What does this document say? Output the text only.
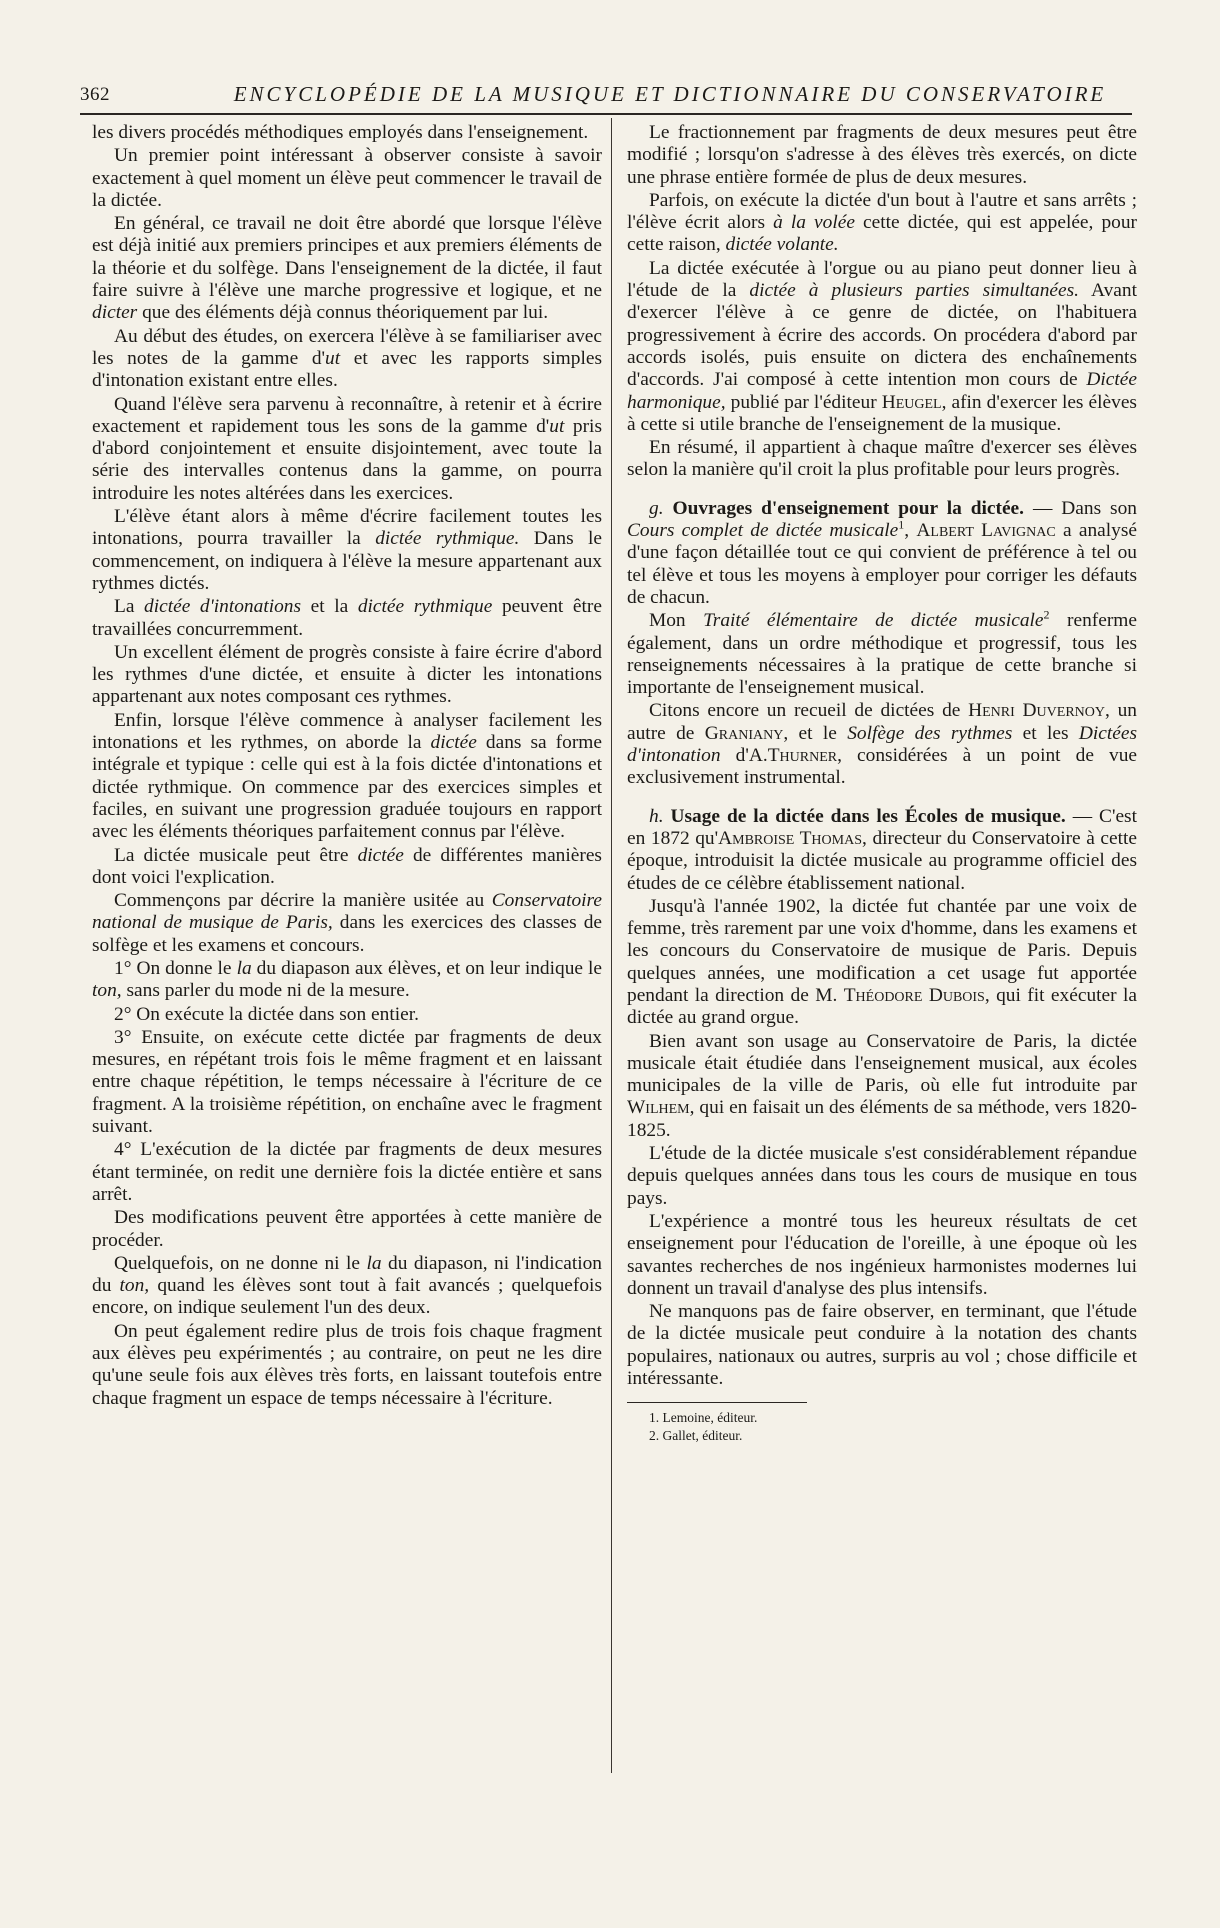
362	ENCYCLOPÉDIE DE LA MUSIQUE ET DICTIONNAIRE DU CONSERVATOIRE

les divers procédés méthodiques employés dans l'enseignement.

Un premier point intéressant à observer consiste à savoir exactement à quel moment un élève peut commencer le travail de la dictée.

En général, ce travail ne doit être abordé que lorsque l'élève est déjà initié aux premiers principes et aux premiers éléments de la théorie et du solfège. Dans l'enseignement de la dictée, il faut faire suivre à l'élève une marche progressive et logique, et ne dicter que des éléments déjà connus théoriquement par lui.

Au début des études, on exercera l'élève à se familiariser avec les notes de la gamme d'ut et avec les rapports simples d'intonation existant entre elles.

Quand l'élève sera parvenu à reconnaître, à retenir et à écrire exactement et rapidement tous les sons de la gamme d'ut pris d'abord conjointement et ensuite disjointement, avec toute la série des intervalles contenus dans la gamme, on pourra introduire les notes altérées dans les exercices.

L'élève étant alors à même d'écrire facilement toutes les intonations, pourra travailler la dictée rythmique. Dans le commencement, on indiquera à l'élève la mesure appartenant aux rythmes dictés.

La dictée d'intonations et la dictée rythmique peuvent être travaillées concurremment.

Un excellent élément de progrès consiste à faire écrire d'abord les rythmes d'une dictée, et ensuite à dicter les intonations appartenant aux notes composant ces rythmes.

Enfin, lorsque l'élève commence à analyser facilement les intonations et les rythmes, on aborde la dictée dans sa forme intégrale et typique : celle qui est à la fois dictée d'intonations et dictée rythmique. On commence par des exercices simples et faciles, en suivant une progression graduée toujours en rapport avec les éléments théoriques parfaitement connus par l'élève.

La dictée musicale peut être dictée de différentes manières dont voici l'explication.

Commençons par décrire la manière usitée au Conservatoire national de musique de Paris, dans les exercices des classes de solfège et les examens et concours.

1° On donne le la du diapason aux élèves, et on leur indique le ton, sans parler du mode ni de la mesure.

2° On exécute la dictée dans son entier.

3° Ensuite, on exécute cette dictée par fragments de deux mesures, en répétant trois fois le même fragment et en laissant entre chaque répétition, le temps nécessaire à l'écriture de ce fragment. A la troisième répétition, on enchaîne avec le fragment suivant.

4° L'exécution de la dictée par fragments de deux mesures étant terminée, on redit une dernière fois la dictée entière et sans arrêt.

Des modifications peuvent être apportées à cette manière de procéder.

Quelquefois, on ne donne ni le la du diapason, ni l'indication du ton, quand les élèves sont tout à fait avancés ; quelquefois encore, on indique seulement l'un des deux.

On peut également redire plus de trois fois chaque fragment aux élèves peu expérimentés ; au contraire, on peut ne les dire qu'une seule fois aux élèves très forts, en laissant toutefois entre chaque fragment un espace de temps nécessaire à l'écriture.

Le fractionnement par fragments de deux mesures peut être modifié ; lorsqu'on s'adresse à des élèves très exercés, on dicte une phrase entière formée de plus de deux mesures.

Parfois, on exécute la dictée d'un bout à l'autre et sans arrêts ; l'élève écrit alors à la volée cette dictée, qui est appelée, pour cette raison, dictée volante.

La dictée exécutée à l'orgue ou au piano peut donner lieu à l'étude de la dictée à plusieurs parties simultanées. Avant d'exercer l'élève à ce genre de dictée, on l'habituera progressivement à écrire des accords. On procédera d'abord par accords isolés, puis ensuite on dictera des enchaînements d'accords. J'ai composé à cette intention mon cours de Dictée harmonique, publié par l'éditeur Heugel, afin d'exercer les élèves à cette si utile branche de l'enseignement de la musique.

En résumé, il appartient à chaque maître d'exercer ses élèves selon la manière qu'il croit la plus profitable pour leurs progrès.

g. Ouvrages d'enseignement pour la dictée. — Dans son Cours complet de dictée musicale$^1$, Albert Lavignac a analysé d'une façon détaillée tout ce qui convient de préférence à tel ou tel élève et tous les moyens à employer pour corriger les défauts de chacun.

Mon Traité élémentaire de dictée musicale$^2$ renferme également, dans un ordre méthodique et progressif, tous les renseignements nécessaires à la pratique de cette branche si importante de l'enseignement musical.

Citons encore un recueil de dictées de Henri Duvernoy, un autre de Graniany, et le Solfège des rythmes et les Dictées d'intonation d'A.Thurner, considérées à un point de vue exclusivement instrumental.

h. Usage de la dictée dans les Écoles de musique. — C'est en 1872 qu'Ambroise Thomas, directeur du Conservatoire à cette époque, introduisit la dictée musicale au programme officiel des études de ce célèbre établissement national.

Jusqu'à l'année 1902, la dictée fut chantée par une voix de femme, très rarement par une voix d'homme, dans les examens et les concours du Conservatoire de musique de Paris. Depuis quelques années, une modification a cet usage fut apportée pendant la direction de M. Théodore Dubois, qui fit exécuter la dictée au grand orgue.

Bien avant son usage au Conservatoire de Paris, la dictée musicale était étudiée dans l'enseignement musical, aux écoles municipales de la ville de Paris, où elle fut introduite par Wilhem, qui en faisait un des éléments de sa méthode, vers 1820-1825.

L'étude de la dictée musicale s'est considérablement répandue depuis quelques années dans tous les cours de musique en tous pays.

L'expérience a montré tous les heureux résultats de cet enseignement pour l'éducation de l'oreille, à une époque où les savantes recherches de nos ingénieux harmonistes modernes lui donnent un travail d'analyse des plus intensifs.

Ne manquons pas de faire observer, en terminant, que l'étude de la dictée musicale peut conduire à la notation des chants populaires, nationaux ou autres, surpris au vol ; chose difficile et intéressante.

1. Lemoine, éditeur.

2. Gallet, éditeur.
